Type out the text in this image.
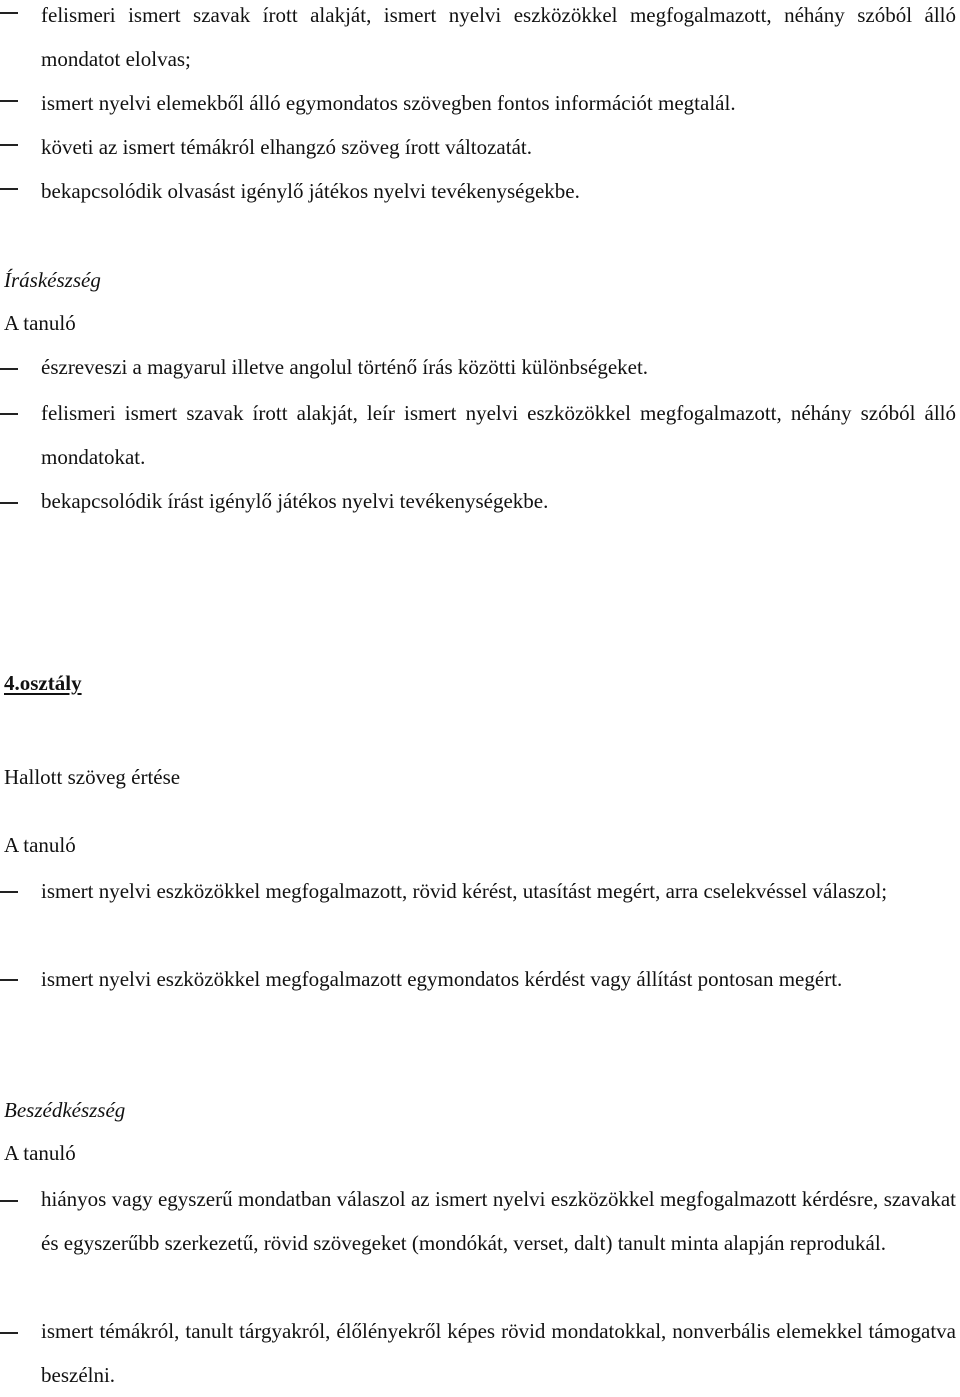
felismeri ismert szavak írott alakját, ismert nyelvi eszközökkel megfogalmazott, néhány szóból álló mondatot elolvas;
ismert nyelvi elemekből álló egymondatos szövegben fontos információt megtalál.
követi az ismert témákról elhangzó szöveg írott változatát.
bekapcsolódik olvasást igénylő játékos nyelvi tevékenységekbe.
Íráskészség
A tanuló
észreveszi a magyarul illetve angolul történő írás közötti különbségeket.
felismeri ismert szavak írott alakját, leír ismert nyelvi eszközökkel megfogalmazott, néhány szóból álló mondatokat.
bekapcsolódik írást igénylő játékos nyelvi tevékenységekbe.
4.osztály
Hallott szöveg értése
A tanuló
ismert nyelvi eszközökkel megfogalmazott, rövid kérést, utasítást megért, arra cselekvéssel válaszol;
ismert nyelvi eszközökkel megfogalmazott egymondatos kérdést vagy állítást pontosan megért.
Beszédkészség
A tanuló
hiányos vagy egyszerű mondatban válaszol az ismert nyelvi eszközökkel megfogalmazott kérdésre, szavakat és egyszerűbb szerkezetű, rövid szövegeket (mondókát, verset, dalt) tanult minta alapján reprodukál.
ismert témákról, tanult tárgyakról, élőlényekről képes rövid mondatokkal, nonverbális elemekkel támogatva beszélni.
